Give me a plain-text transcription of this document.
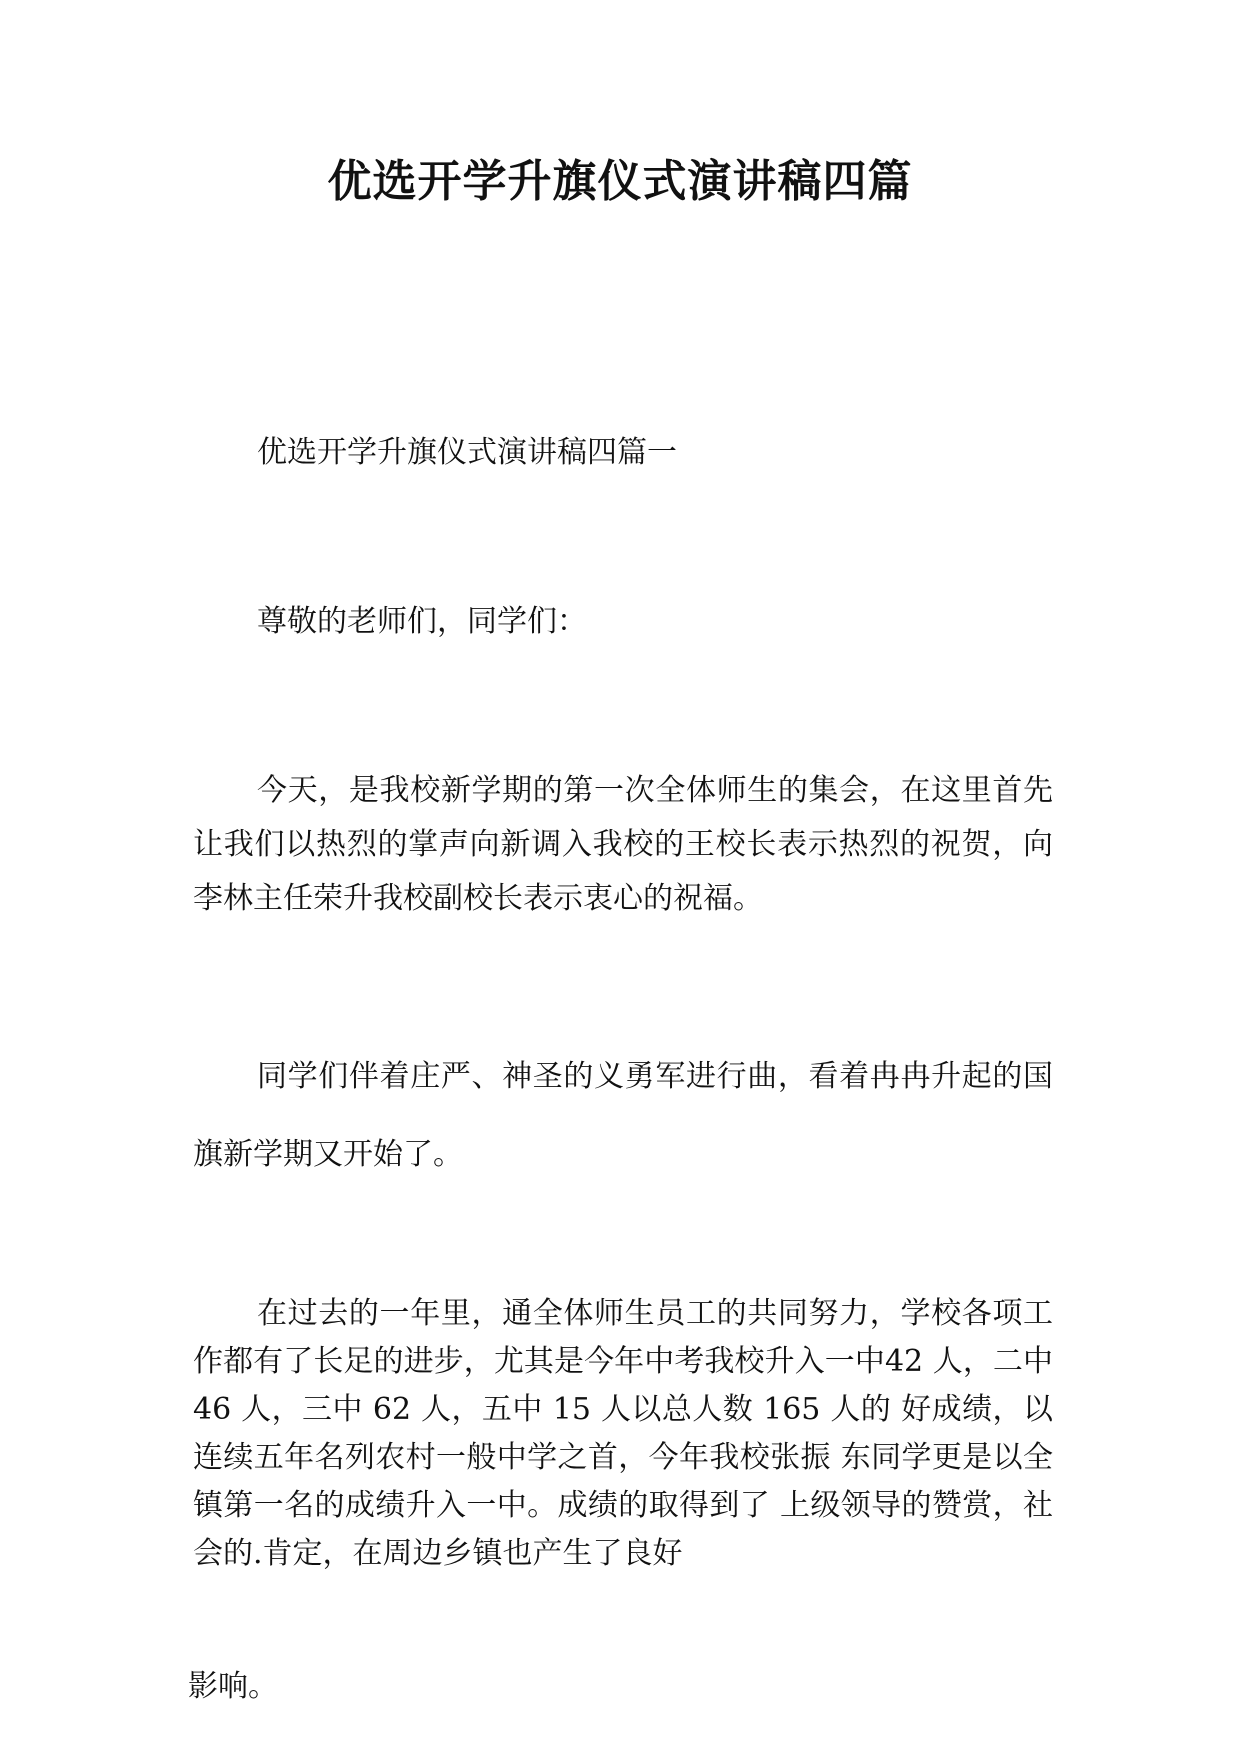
优选开学升旗仪式演讲稿四篇
优选开学升旗仪式演讲稿四篇一
尊敬的老师们，同学们：
今天，是我校新学期的第一次全体师生的集会，在这里首先让我们以热烈的掌声向新调入我校的王校长表示热烈的祝贺，向李林主任荣升我校副校长表示衷心的祝福。
同学们伴着庄严、神圣的义勇军进行曲，看着冉冉升起的国旗新学期又开始了。
在过去的一年里，通全体师生员工的共同努力，学校各项工作都有了长足的进步，尤其是今年中考我校升入一中42 人，二中 46 人，三中 62 人，五中 15 人以总人数 165 人的 好成绩，以连续五年名列农村一般中学之首，今年我校张振 东同学更是以全镇第一名的成绩升入一中。成绩的取得到了 上级领导的赞赏，社会的.肯定，在周边乡镇也产生了良好
影响。
